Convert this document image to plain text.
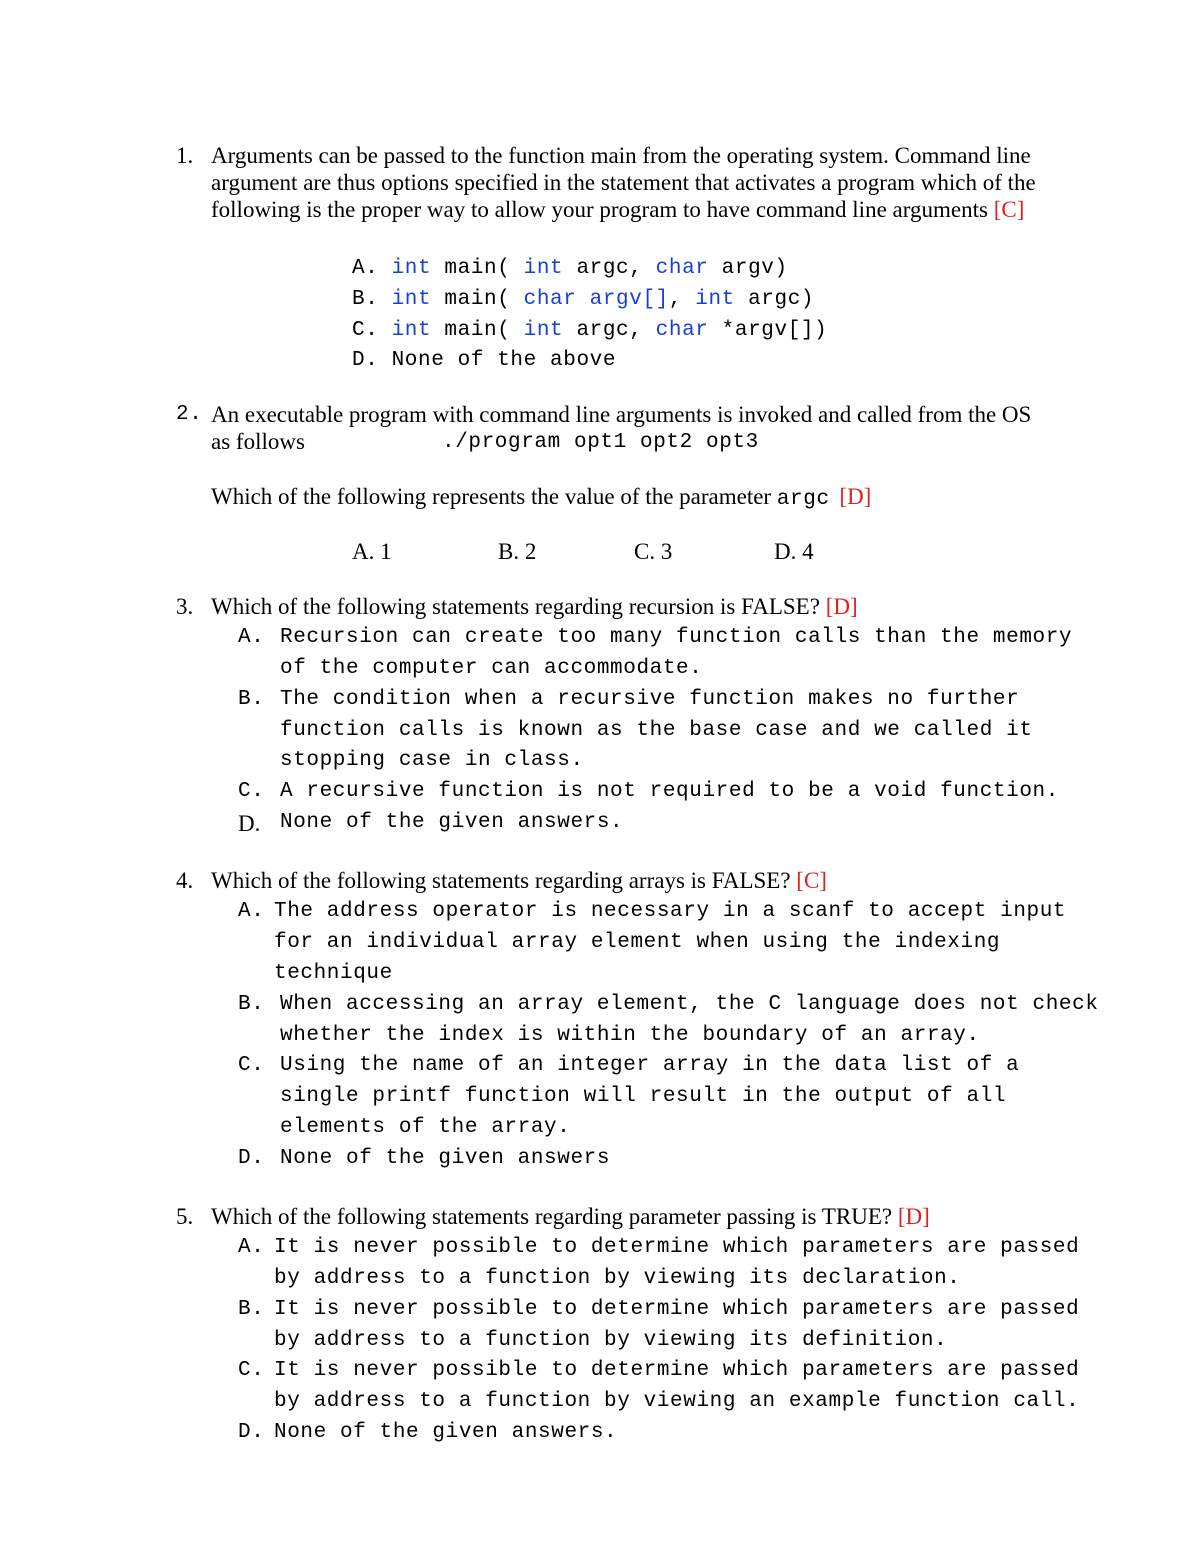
1. Arguments can be passed to the function main from the operating system. Command line
argument are thus options specified in the statement that activates a program which of the
following is the proper way to allow your program to have command line arguments [C]
A. int main( int argc, char argv)
B. int main( char argv[], int argc)
C. int main( int argc, char *argv[])
D. None of the above
2. An executable program with command line arguments is invoked and called from the OS
as follows	./program opt1 opt2 opt3
Which of the following represents the value of the parameter argc [D]
A. 1	B. 2	C. 3	D. 4
3. Which of the following statements regarding recursion is FALSE? [D]
A. Recursion can create too many function calls than the memory
of the computer can accommodate.
B. The condition when a recursive function makes no further
function calls is known as the base case and we called it
stopping case in class.
C. A recursive function is not required to be a void function.
D. None of the given answers.
4. Which of the following statements regarding arrays is FALSE? [C]
A. The address operator is necessary in a scanf to accept input
for an individual array element when using the indexing
technique
B. When accessing an array element, the C language does not check
whether the index is within the boundary of an array.
C. Using the name of an integer array in the data list of a
single printf function will result in the output of all
elements of the array.
D. None of the given answers
5. Which of the following statements regarding parameter passing is TRUE? [D]
A. It is never possible to determine which parameters are passed
by address to a function by viewing its declaration.
B. It is never possible to determine which parameters are passed
by address to a function by viewing its definition.
C. It is never possible to determine which parameters are passed
by address to a function by viewing an example function call.
D. None of the given answers.
